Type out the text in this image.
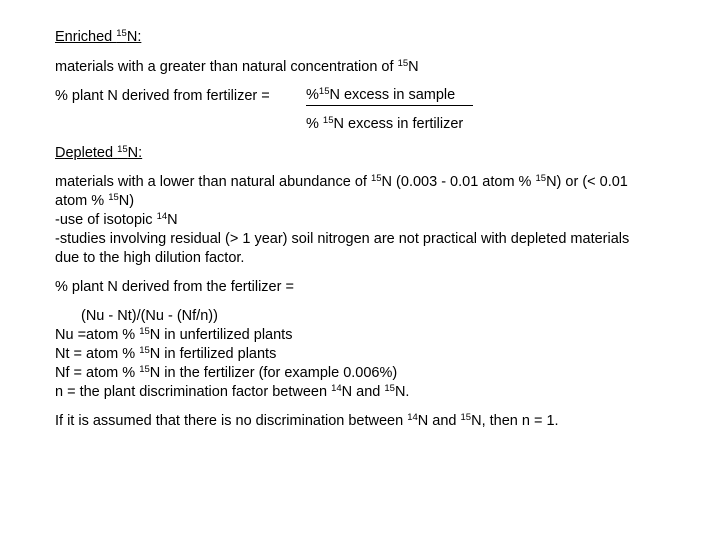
Enriched $^{15}$N:
materials with a greater than natural concentration of $^{15}$N
% plant N derived from fertilizer = %$^{15}$N excess in sample
% $^{15}$N excess in fertilizer
Depleted $^{15}$N:
materials with a lower than natural abundance of $^{15}$N (0.003 - 0.01 atom % $^{15}$N) or (< 0.01
atom % $^{15}$N)
-use of isotopic $^{14}$N
-studies involving residual (> 1 year) soil nitrogen are not practical with depleted materials
due to the high dilution factor.
% plant N derived from the fertilizer =
(Nu - Nt)/(Nu - (Nf/n))
Nu =atom % $^{15}$N in unfertilized plants
Nt = atom % $^{15}$N in fertilized plants
Nf = atom % $^{15}$N in the fertilizer (for example 0.006%)
n = the plant discrimination factor between $^{14}$N and $^{15}$N.
If it is assumed that there is no discrimination between $^{14}$N and $^{15}$N, then n = 1.
